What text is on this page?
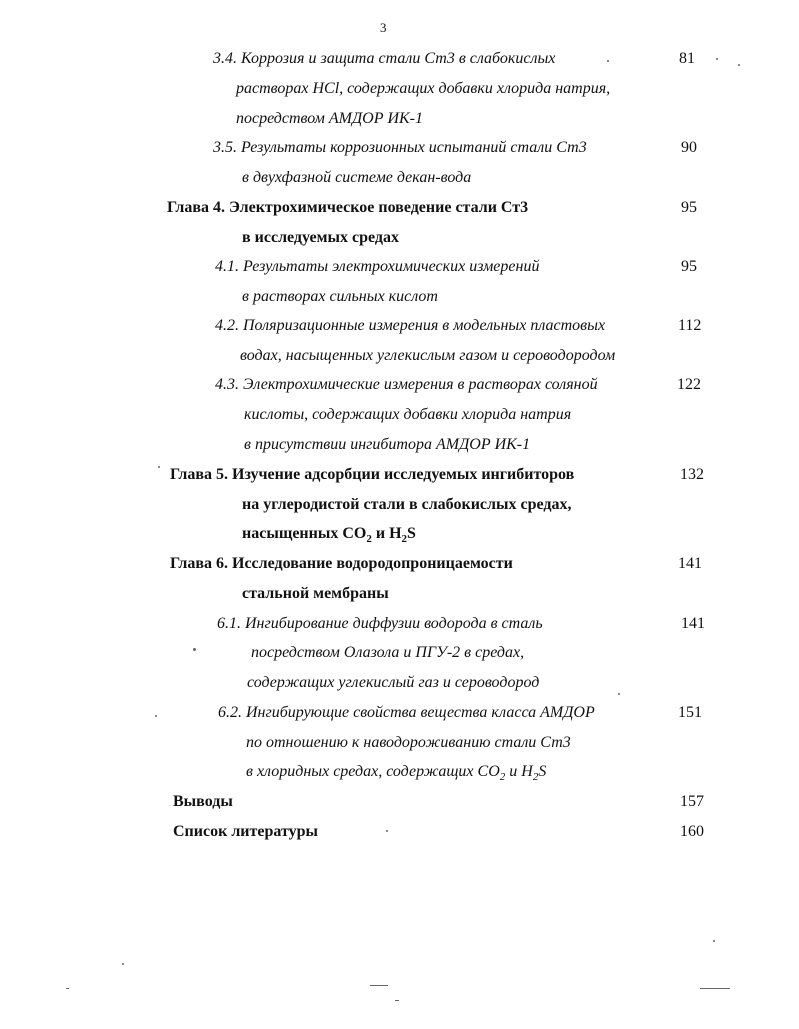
3
3.4. Коррозия и защита стали Ст3 в слабокислых
растворах HCl, содержащих добавки хлорида натрия,
посредством АМДОР ИК-1
81
3.5. Результаты коррозионных испытаний стали Ст3
в двухфазной системе декан-вода
90
Глава 4. Электрохимическое поведение стали Ст3
в исследуемых средах
95
4.1. Результаты электрохимических измерений
в растворах сильных кислот
95
4.2. Поляризационные измерения в модельных пластовых
водах, насыщенных углекислым газом и сероводородом
112
4.3. Электрохимические измерения в растворах соляной
кислоты, содержащих добавки хлорида натрия
в присутствии ингибитора АМДОР ИК-1
122
Глава 5. Изучение адсорбции исследуемых ингибиторов
на углеродистой стали в слабокислых средах,
насыщенных $CO_2$ и $H_2S$
132
Глава 6. Исследование водородопроницаемости
стальной мембраны
141
6.1. Ингибирование диффузии водорода в сталь
посредством Олазола и ПГУ-2 в средах,
содержащих углекислый газ и сероводород
141
6.2. Ингибирующие свойства вещества класса АМДОР
по отношению к наводороживанию стали Ст3
в хлоридных средах, содержащих $CO_2$ и $H_2S$
151
Выводы	157
Список литературы	160
